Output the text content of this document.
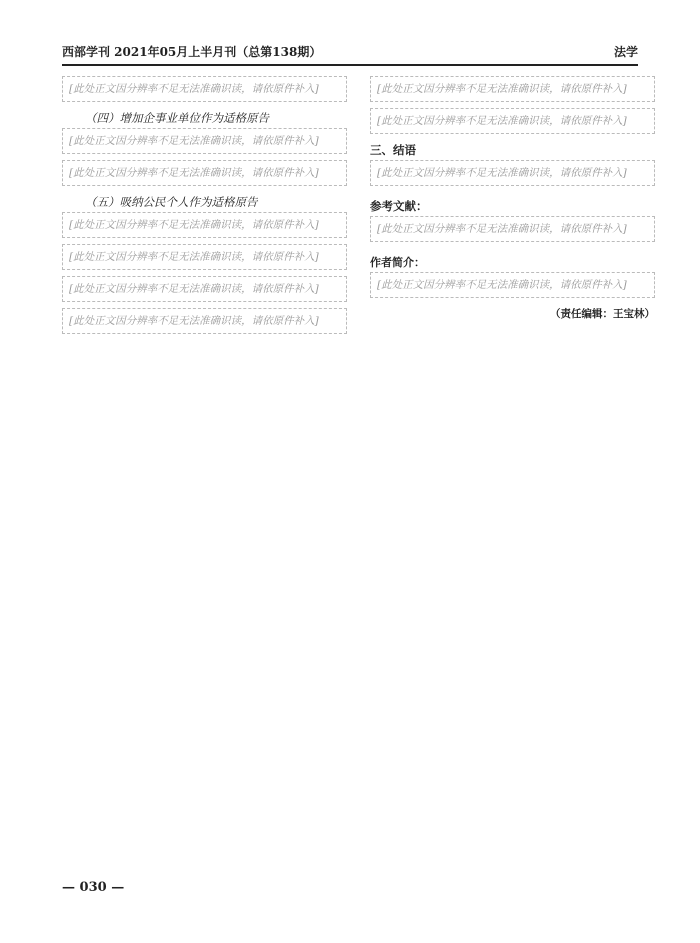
西部学刊 2021年05月上半月刊（总第138期）	法学
[此处正文因分辨率不足无法准确识读，请依原件补入]

（四）增加企事业单位作为适格原告

[此处正文因分辨率不足无法准确识读，请依原件补入]
[此处正文因分辨率不足无法准确识读，请依原件补入]

（五）吸纳公民个人作为适格原告

[此处正文因分辨率不足无法准确识读，请依原件补入]
[此处正文因分辨率不足无法准确识读，请依原件补入]
[此处正文因分辨率不足无法准确识读，请依原件补入]
[此处正文因分辨率不足无法准确识读，请依原件补入]
[此处正文因分辨率不足无法准确识读，请依原件补入]
[此处正文因分辨率不足无法准确识读，请依原件补入]

三、结语

[此处正文因分辨率不足无法准确识读，请依原件补入]
参考文献：
[此处正文因分辨率不足无法准确识读，请依原件补入]
作者简介：
[此处正文因分辨率不足无法准确识读，请依原件补入]
（责任编辑：王宝林）
— 030 —
